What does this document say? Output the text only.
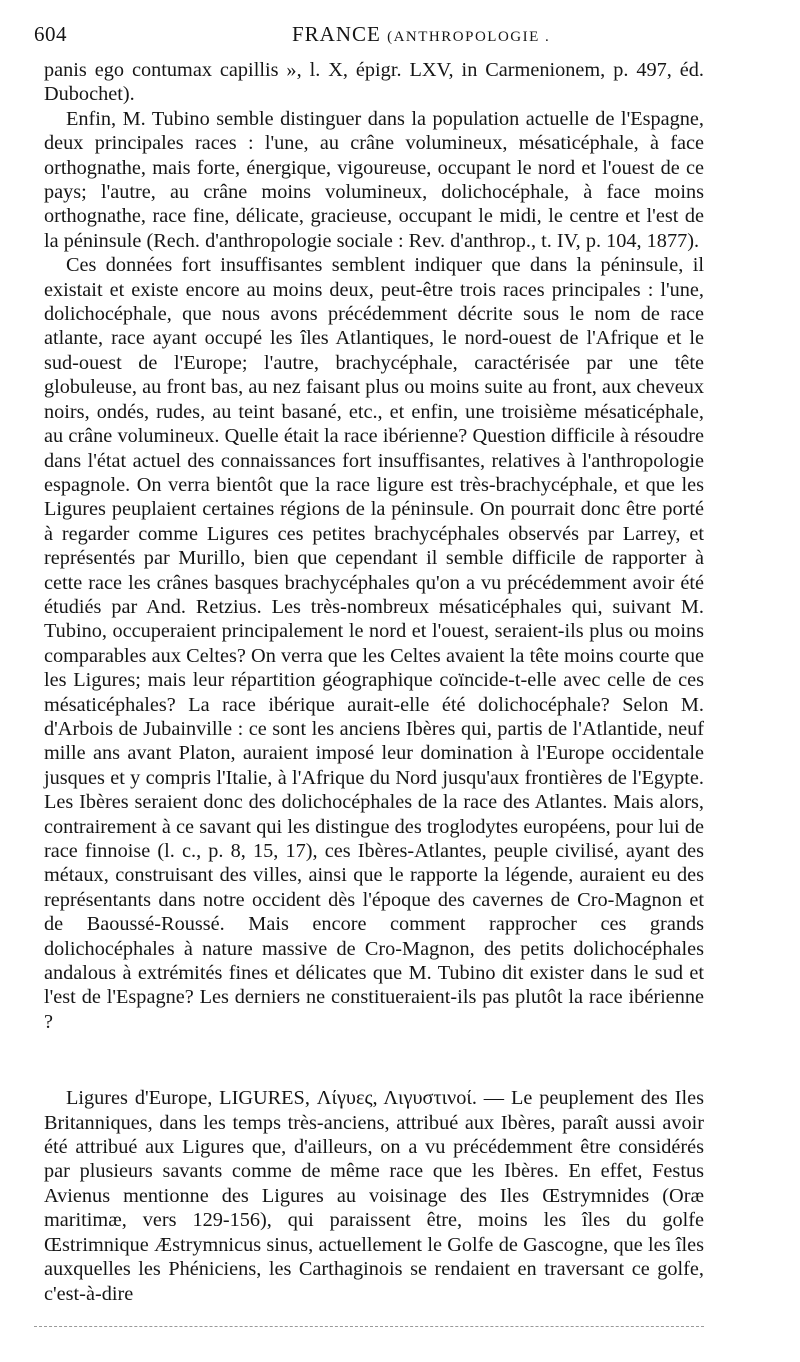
604	FRANCE (ANTHROPOLOGIE .

panis ego contumax capillis », l. X, épigr. LXV, in Carmenionem, p. 497, éd. Dubochet).

Enfin, M. Tubino semble distinguer dans la population actuelle de l'Espagne, deux principales races : l'une, au crâne volumineux, mésaticéphale, à face orthognathe, mais forte, énergique, vigoureuse, occupant le nord et l'ouest de ce pays; l'autre, au crâne moins volumineux, dolichocéphale, à face moins orthognathe, race fine, délicate, gracieuse, occupant le midi, le centre et l'est de la péninsule (Rech. d'anthropologie sociale : Rev. d'anthrop., t. IV, p. 104, 1877).

Ces données fort insuffisantes semblent indiquer que dans la péninsule, il existait et existe encore au moins deux, peut-être trois races principales : l'une, dolichocéphale, que nous avons précédemment décrite sous le nom de race atlante, race ayant occupé les îles Atlantiques, le nord-ouest de l'Afrique et le sud-ouest de l'Europe; l'autre, brachycéphale, caractérisée par une tête globuleuse, au front bas, au nez faisant plus ou moins suite au front, aux cheveux noirs, ondés, rudes, au teint basané, etc., et enfin, une troisième mésaticéphale, au crâne volumineux. Quelle était la race ibérienne? Question difficile à résoudre dans l'état actuel des connaissances fort insuffisantes, relatives à l'anthropologie espagnole. On verra bientôt que la race ligure est très-brachycéphale, et que les Ligures peuplaient certaines régions de la péninsule. On pourrait donc être porté à regarder comme Ligures ces petites brachycéphales observés par Larrey, et représentés par Murillo, bien que cependant il semble difficile de rapporter à cette race les crânes basques brachycéphales qu'on a vu précédemment avoir été étudiés par And. Retzius. Les très-nombreux mésaticéphales qui, suivant M. Tubino, occuperaient principalement le nord et l'ouest, seraient-ils plus ou moins comparables aux Celtes? On verra que les Celtes avaient la tête moins courte que les Ligures; mais leur répartition géographique coïncide-t-elle avec celle de ces mésaticéphales? La race ibérique aurait-elle été dolichocéphale? Selon M. d'Arbois de Jubainville : ce sont les anciens Ibères qui, partis de l'Atlantide, neuf mille ans avant Platon, auraient imposé leur domination à l'Europe occidentale jusques et y compris l'Italie, à l'Afrique du Nord jusqu'aux frontières de l'Egypte. Les Ibères seraient donc des dolichocéphales de la race des Atlantes. Mais alors, contrairement à ce savant qui les distingue des troglodytes européens, pour lui de race finnoise (l. c., p. 8, 15, 17), ces Ibères-Atlantes, peuple civilisé, ayant des métaux, construisant des villes, ainsi que le rapporte la légende, auraient eu des représentants dans notre occident dès l'époque des cavernes de Cro-Magnon et de Baoussé-Roussé. Mais encore comment rapprocher ces grands dolichocéphales à nature massive de Cro-Magnon, des petits dolichocéphales andalous à extrémités fines et délicates que M. Tubino dit exister dans le sud et l'est de l'Espagne? Les derniers ne constitueraient-ils pas plutôt la race ibérienne ?

Ligures d'Europe, LIGURES, Λίγυες, Λιγυστινοί. — Le peuplement des Iles Britanniques, dans les temps très-anciens, attribué aux Ibères, paraît aussi avoir été attribué aux Ligures que, d'ailleurs, on a vu précédemment être considérés par plusieurs savants comme de même race que les Ibères. En effet, Festus Avienus mentionne des Ligures au voisinage des Iles Œstrymnides (Oræ maritimæ, vers 129-156), qui paraissent être, moins les îles du golfe Œstrimnique Æstrymnicus sinus, actuellement le Golfe de Gascogne, que les îles auxquelles les Phéniciens, les Carthaginois se rendaient en traversant ce golfe, c'est-à-dire
